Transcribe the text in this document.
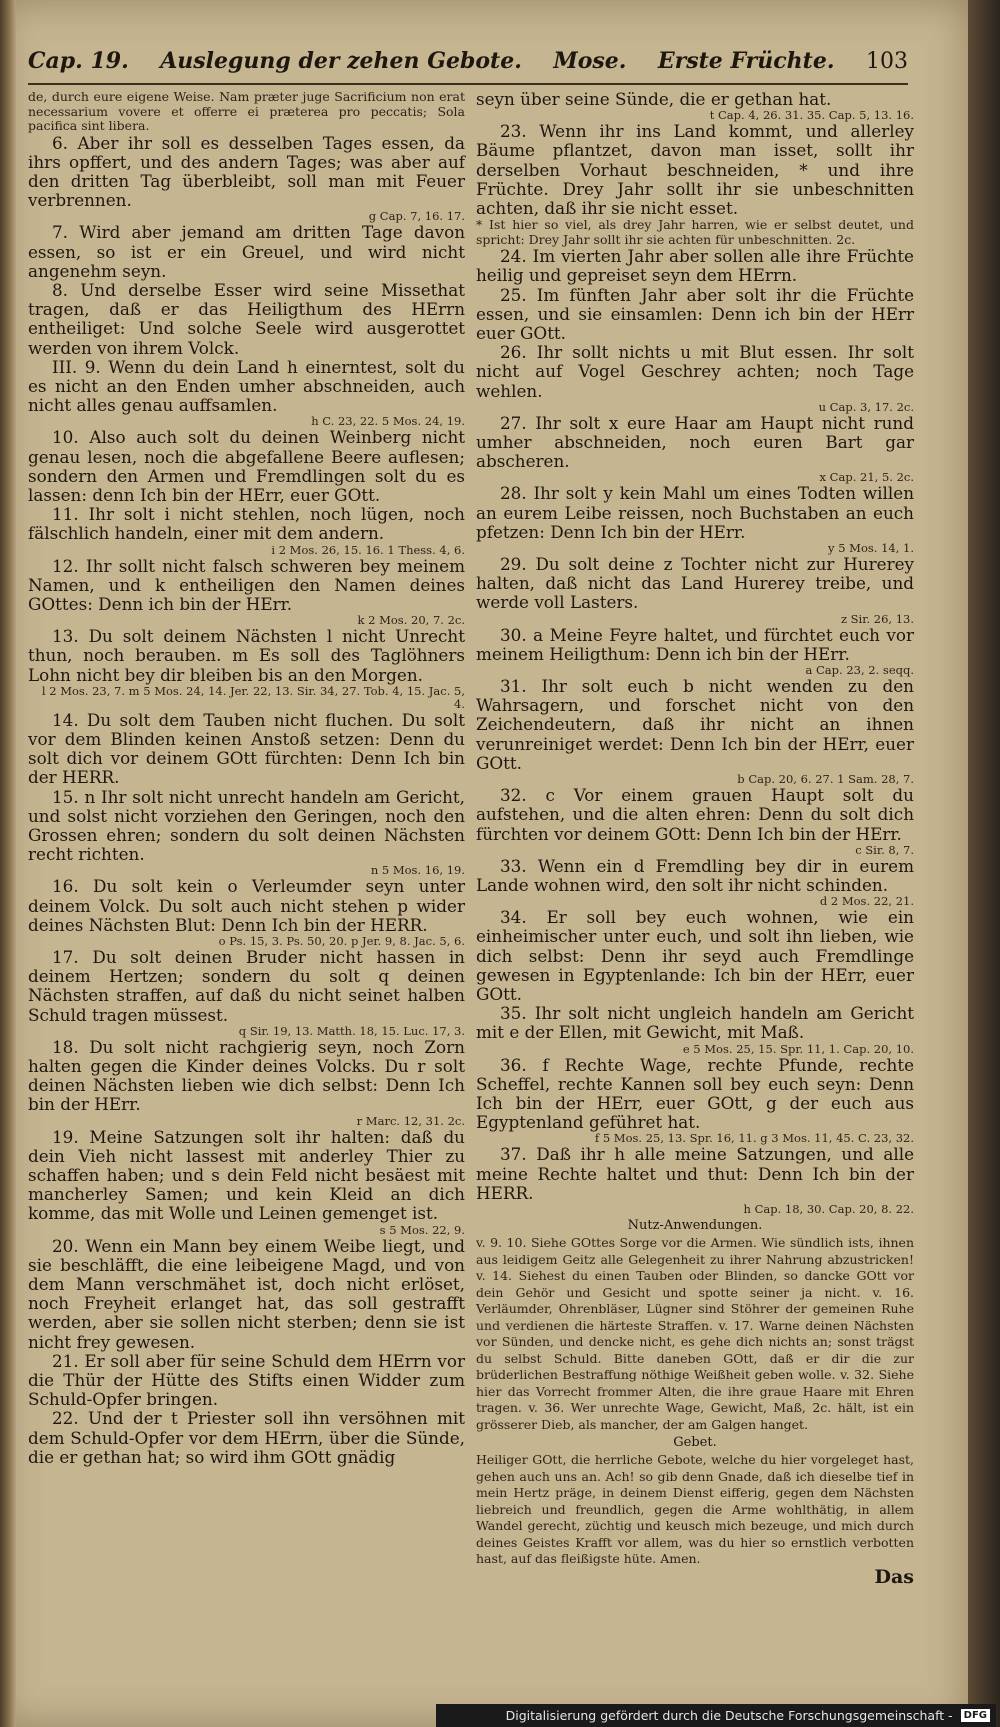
Cap. 19. Auslegung der zehen Gebote. Mose. Erste Früchte. 103

de, durch eure eigene Weise. Nam præter juge Sacrificium non erat necessarium vovere et offerre ei præterea pro peccatis; Sola pacifica sint libera.

6. Aber ihr soll es desselben Tages essen, da ihrs opffert, und des andern Tages; was aber auf den dritten Tag überbleibt, soll man mit Feuer verbrennen.

g Cap. 7, 16. 17.

7. Wird aber jemand am dritten Tage davon essen, so ist er ein Greuel, und wird nicht angenehm seyn.

8. Und derselbe Esser wird seine Missethat tragen, daß er das Heiligthum des HErrn entheiliget: Und solche Seele wird ausgerottet werden von ihrem Volck.

III. 9. Wenn du dein Land h einerntest, solt du es nicht an den Enden umher abschneiden, auch nicht alles genau auffsamlen.

h C. 23, 22. 5 Mos. 24, 19.

10. Also auch solt du deinen Weinberg nicht genau lesen, noch die abgefallene Beere auflesen; sondern den Armen und Fremdlingen solt du es lassen: denn Ich bin der HErr, euer GOtt.

11. Ihr solt i nicht stehlen, noch lügen, noch fälschlich handeln, einer mit dem andern.

i 2 Mos. 26, 15. 16. 1 Thess. 4, 6.

12. Ihr sollt nicht falsch schweren bey meinem Namen, und k entheiligen den Namen deines GOttes: Denn ich bin der HErr.

k 2 Mos. 20, 7. 2c.

13. Du solt deinem Nächsten l nicht Unrecht thun, noch berauben. m Es soll des Taglöhners Lohn nicht bey dir bleiben bis an den Morgen.

l 2 Mos. 23, 7. m 5 Mos. 24, 14. Jer. 22, 13. Sir. 34, 27. Tob. 4, 15. Jac. 5, 4.

14. Du solt dem Tauben nicht fluchen. Du solt vor dem Blinden keinen Anstoß setzen: Denn du solt dich vor deinem GOtt fürchten: Denn Ich bin der HERR.

15. n Ihr solt nicht unrecht handeln am Gericht, und solst nicht vorziehen den Geringen, noch den Grossen ehren; sondern du solt deinen Nächsten recht richten.

n 5 Mos. 16, 19.

16. Du solt kein o Verleumder seyn unter deinem Volck. Du solt auch nicht stehen p wider deines Nächsten Blut: Denn Ich bin der HERR.

o Ps. 15, 3. Ps. 50, 20. p Jer. 9, 8. Jac. 5, 6.

17. Du solt deinen Bruder nicht hassen in deinem Hertzen; sondern du solt q deinen Nächsten straffen, auf daß du nicht seinet halben Schuld tragen müssest.

q Sir. 19, 13. Matth. 18, 15. Luc. 17, 3.

18. Du solt nicht rachgierig seyn, noch Zorn halten gegen die Kinder deines Volcks. Du r solt deinen Nächsten lieben wie dich selbst: Denn Ich bin der HErr.

r Marc. 12, 31. 2c.

19. Meine Satzungen solt ihr halten: daß du dein Vieh nicht lassest mit anderley Thier zu schaffen haben; und s dein Feld nicht besäest mit mancherley Samen; und kein Kleid an dich komme, das mit Wolle und Leinen gemenget ist.

s 5 Mos. 22, 9.

20. Wenn ein Mann bey einem Weibe liegt, und sie beschläfft, die eine leibeigene Magd, und von dem Mann verschmähet ist, doch nicht erlöset, noch Freyheit erlanget hat, das soll gestrafft werden, aber sie sollen nicht sterben; denn sie ist nicht frey gewesen.

21. Er soll aber für seine Schuld dem HErrn vor die Thür der Hütte des Stifts einen Widder zum Schuld-Opfer bringen.

22. Und der t Priester soll ihn versöhnen mit dem Schuld-Opfer vor dem HErrn, über die Sünde, die er gethan hat; so wird ihm GOtt gnädig

seyn über seine Sünde, die er gethan hat.

t Cap. 4, 26. 31. 35. Cap. 5, 13. 16.

23. Wenn ihr ins Land kommt, und allerley Bäume pflantzet, davon man isset, sollt ihr derselben Vorhaut beschneiden, * und ihre Früchte. Drey Jahr sollt ihr sie unbeschnitten achten, daß ihr sie nicht esset.

* Ist hier so viel, als drey Jahr harren, wie er selbst deutet, und spricht: Drey Jahr sollt ihr sie achten für unbeschnitten. 2c.

24. Im vierten Jahr aber sollen alle ihre Früchte heilig und gepreiset seyn dem HErrn.

25. Im fünften Jahr aber solt ihr die Früchte essen, und sie einsamlen: Denn ich bin der HErr euer GOtt.

26. Ihr sollt nichts u mit Blut essen. Ihr solt nicht auf Vogel Geschrey achten; noch Tage wehlen.

u Cap. 3, 17. 2c.

27. Ihr solt x eure Haar am Haupt nicht rund umher abschneiden, noch euren Bart gar abscheren.

x Cap. 21, 5. 2c.

28. Ihr solt y kein Mahl um eines Todten willen an eurem Leibe reissen, noch Buchstaben an euch pfetzen: Denn Ich bin der HErr.

y 5 Mos. 14, 1.

29. Du solt deine z Tochter nicht zur Hurerey halten, daß nicht das Land Hurerey treibe, und werde voll Lasters.

z Sir. 26, 13.

30. a Meine Feyre haltet, und fürchtet euch vor meinem Heiligthum: Denn ich bin der HErr.

a Cap. 23, 2. seqq.

31. Ihr solt euch b nicht wenden zu den Wahrsagern, und forschet nicht von den Zeichendeutern, daß ihr nicht an ihnen verunreiniget werdet: Denn Ich bin der HErr, euer GOtt.

b Cap. 20, 6. 27. 1 Sam. 28, 7.

32. c Vor einem grauen Haupt solt du aufstehen, und die alten ehren: Denn du solt dich fürchten vor deinem GOtt: Denn Ich bin der HErr.

c Sir. 8, 7.

33. Wenn ein d Fremdling bey dir in eurem Lande wohnen wird, den solt ihr nicht schinden.

d 2 Mos. 22, 21.

34. Er soll bey euch wohnen, wie ein einheimischer unter euch, und solt ihn lieben, wie dich selbst: Denn ihr seyd auch Fremdlinge gewesen in Egyptenlande: Ich bin der HErr, euer GOtt.

35. Ihr solt nicht ungleich handeln am Gericht mit e der Ellen, mit Gewicht, mit Maß.

e 5 Mos. 25, 15. Spr. 11, 1. Cap. 20, 10.

36. f Rechte Wage, rechte Pfunde, rechte Scheffel, rechte Kannen soll bey euch seyn: Denn Ich bin der HErr, euer GOtt, g der euch aus Egyptenland geführet hat.

f 5 Mos. 25, 13. Spr. 16, 11. g 3 Mos. 11, 45. C. 23, 32.

37. Daß ihr h alle meine Satzungen, und alle meine Rechte haltet und thut: Denn Ich bin der HERR.

h Cap. 18, 30. Cap. 20, 8. 22.

Nutz-Anwendungen.

v. 9. 10. Siehe GOttes Sorge vor die Armen. Wie sündlich ists, ihnen aus leidigem Geitz alle Gelegenheit zu ihrer Nahrung abzustricken! v. 14. Siehest du einen Tauben oder Blinden, so dancke GOtt vor dein Gehör und Gesicht und spotte seiner ja nicht. v. 16. Verläumder, Ohrenbläser, Lügner sind Stöhrer der gemeinen Ruhe und verdienen die härteste Straffen. v. 17. Warne deinen Nächsten vor Sünden, und dencke nicht, es gehe dich nichts an; sonst trägst du selbst Schuld. Bitte daneben GOtt, daß er dir die zur brüderlichen Bestraffung nöthige Weißheit geben wolle. v. 32. Siehe hier das Vorrecht frommer Alten, die ihre graue Haare mit Ehren tragen. v. 36. Wer unrechte Wage, Gewicht, Maß, 2c. hält, ist ein grösserer Dieb, als mancher, der am Galgen hanget.

Gebet.

Heiliger GOtt, die herrliche Gebote, welche du hier vorgeleget hast, gehen auch uns an. Ach! so gib denn Gnade, daß ich dieselbe tief in mein Hertz präge, in deinem Dienst eifferig, gegen dem Nächsten liebreich und freundlich, gegen die Arme wohlthätig, in allem Wandel gerecht, züchtig und keusch mich bezeuge, und mich durch deines Geistes Krafft vor allem, was du hier so ernstlich verbotten hast, auf das fleißigste hüte. Amen.

Das

Digitalisierung gefördert durch die Deutsche Forschungsgemeinschaft -	DFG
